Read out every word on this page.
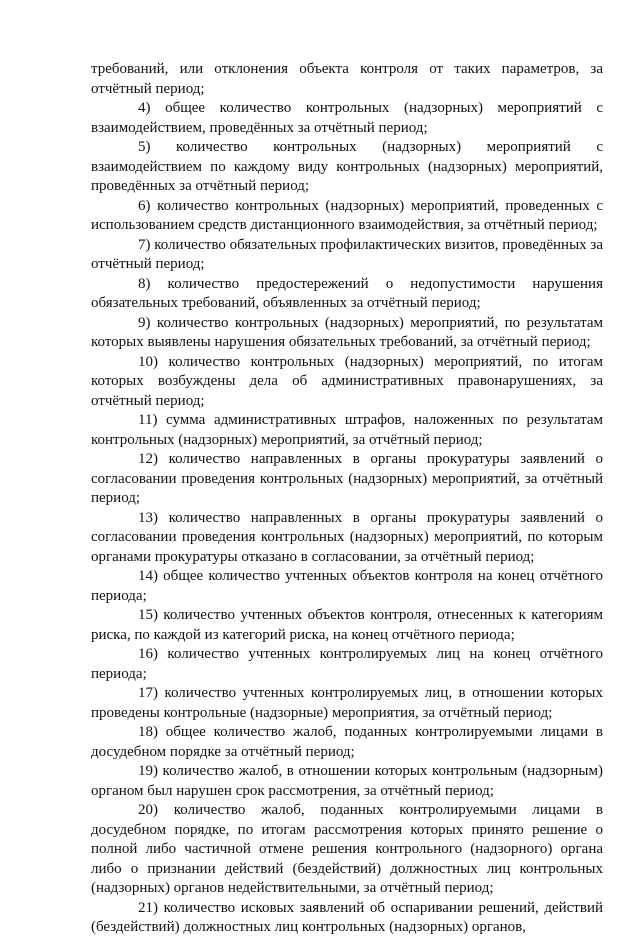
требований, или отклонения объекта контроля от таких параметров, за отчётный период;

4) общее количество контрольных (надзорных) мероприятий с взаимодействием, проведённых за отчётный период;

5) количество контрольных (надзорных) мероприятий с взаимодействием по каждому виду контрольных (надзорных) мероприятий, проведённых за отчётный период;

6) количество контрольных (надзорных) мероприятий, проведенных с использованием средств дистанционного взаимодействия, за отчётный период;

7) количество обязательных профилактических визитов, проведённых за отчётный период;

8) количество предостережений о недопустимости нарушения обязательных требований, объявленных за отчётный период;

9) количество контрольных (надзорных) мероприятий, по результатам которых выявлены нарушения обязательных требований, за отчётный период;

10) количество контрольных (надзорных) мероприятий, по итогам которых возбуждены дела об административных правонарушениях, за отчётный период;

11) сумма административных штрафов, наложенных по результатам контрольных (надзорных) мероприятий, за отчётный период;

12) количество направленных в органы прокуратуры заявлений о согласовании проведения контрольных (надзорных) мероприятий, за отчётный период;

13) количество направленных в органы прокуратуры заявлений о согласовании проведения контрольных (надзорных) мероприятий, по которым органами прокуратуры отказано в согласовании, за отчётный период;

14) общее количество учтенных объектов контроля на конец отчётного периода;

15) количество учтенных объектов контроля, отнесенных к категориям риска, по каждой из категорий риска, на конец отчётного периода;

16) количество учтенных контролируемых лиц на конец отчётного периода;

17) количество учтенных контролируемых лиц, в отношении которых проведены контрольные (надзорные) мероприятия, за отчётный период;

18) общее количество жалоб, поданных контролируемыми лицами в досудебном порядке за отчётный период;

19) количество жалоб, в отношении которых контрольным (надзорным) органом был нарушен срок рассмотрения, за отчётный период;

20) количество жалоб, поданных контролируемыми лицами в досудебном порядке, по итогам рассмотрения которых принято решение о полной либо частичной отмене решения контрольного (надзорного) органа либо о признании действий (бездействий) должностных лиц контрольных (надзорных) органов недействительными, за отчётный период;

21) количество исковых заявлений об оспаривании решений, действий (бездействий) должностных лиц контрольных (надзорных) органов,
